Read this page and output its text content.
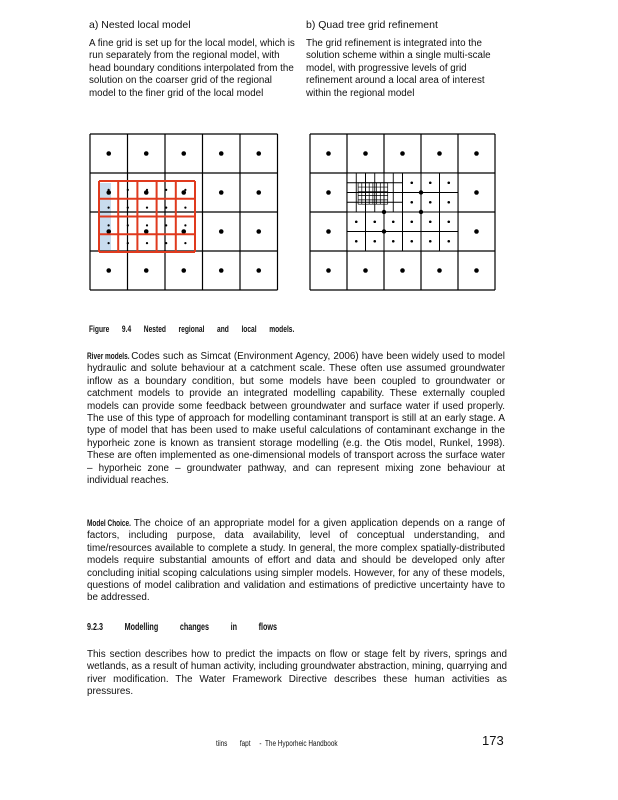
a) Nested local model
A fine grid is set up for the local model, which is run separately from the regional model, with head boundary conditions interpolated from the solution on the coarser grid of the regional model to the finer grid of the local model
b) Quad tree grid refinement
The grid refinement is integrated into the solution scheme within a single multi-scale model, with progressive levels of grid refinement around a local area of interest within the regional model
Figure 9.4 Nested regional and local models.
River models. Codes such as Simcat (Environment Agency, 2006) have been widely used to model hydraulic and solute behaviour at a catchment scale. These often use assumed groundwater inflow as a boundary condition, but some models have been coupled to groundwater or catchment models to provide an integrated modelling capability. These externally coupled models can provide some feedback between groundwater and surface water if used properly. The use of this type of approach for modelling contaminant transport is still at an early stage. A type of model that has been used to make useful calculations of contaminant exchange in the hyporheic zone is known as transient storage modelling (e.g. the Otis model, Runkel, 1998). These are often implemented as one-dimensional models of transport across the surface water – hyporheic zone – groundwater pathway, and can represent mixing zone behaviour at individual reaches.
Model Choice. The choice of an appropriate model for a given application depends on a range of factors, including purpose, data availability, level of conceptual understanding, and time/resources available to complete a study. In general, the more complex spatially-distributed models require substantial amounts of effort and data and should be developed only after concluding initial scoping calculations using simpler models. However, for any of these models, questions of model calibration and validation and estimations of predictive uncertainty have to be addressed.
9.2.3 Modelling changes in flows
This section describes how to predict the impacts on flow or stage felt by rivers, springs and wetlands, as a result of human activity, including groundwater abstraction, mining, quarrying and river modification. The Water Framework Directive describes these human activities as pressures.
tiins fapt - The Hyporheic Handbook	173
